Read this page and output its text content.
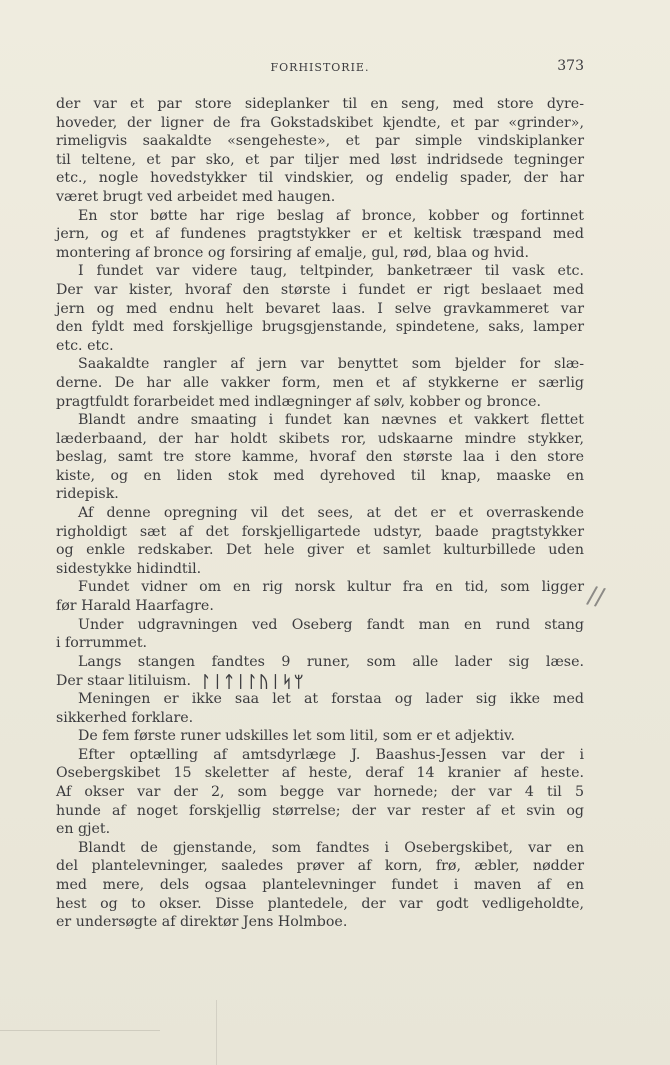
FORHISTORIE.	373
der var et par store sideplanker til en seng, med store dyre-
hoveder, der ligner de fra Gokstadskibet kjendte, et par «grinder»,
rimeligvis saakaldte «sengeheste», et par simple vindskiplanker
til teltene, et par sko, et par tiljer med løst indridsede tegninger
etc., nogle hovedstykker til vindskier, og endelig spader, der har
været brugt ved arbeidet med haugen.
En stor bøtte har rige beslag af bronce, kobber og fortinnet
jern, og et af fundenes pragtstykker er et keltisk træspand med
montering af bronce og forsiring af emalje, gul, rød, blaa og hvid.
I fundet var videre taug, teltpinder, banketræer til vask etc.
Der var kister, hvoraf den største i fundet er rigt beslaaet med
jern og med endnu helt bevaret laas. I selve gravkammeret var
den fyldt med forskjellige brugsgjenstande, spindetene, saks, lamper
etc. etc.
Saakaldte rangler af jern var benyttet som bjelder for slæ-
derne. De har alle vakker form, men et af stykkerne er særlig
pragtfuldt forarbeidet med indlægninger af sølv, kobber og bronce.
Blandt andre smaating i fundet kan nævnes et vakkert flettet
læderbaand, der har holdt skibets ror, udskaarne mindre stykker,
beslag, samt tre store kamme, hvoraf den største laa i den store
kiste, og en liden stok med dyrehoved til knap, maaske en
ridepisk.
Af denne opregning vil det sees, at det er et overraskende
righoldigt sæt af det forskjelligartede udstyr, baade pragtstykker
og enkle redskaber. Det hele giver et samlet kulturbillede uden
sidestykke hidindtil.
Fundet vidner om en rig norsk kultur fra en tid, som ligger
før Harald Haarfagre.
Under udgravningen ved Oseberg fandt man en rund stang
i forrummet.
Langs stangen fandtes 9 runer, som alle lader sig læse.
Der staar litiluism. ᛚᛁᛏᛁᛚᚢᛁᛋᛘ
Meningen er ikke saa let at forstaa og lader sig ikke med
sikkerhed forklare.
De fem første runer udskilles let som litil, som er et adjektiv.
Efter optælling af amtsdyrlæge J. Baashus-Jessen var der i
Osebergskibet 15 skeletter af heste, deraf 14 kranier af heste.
Af okser var der 2, som begge var hornede; der var 4 til 5
hunde af noget forskjellig størrelse; der var rester af et svin og
en gjet.
Blandt de gjenstande, som fandtes i Osebergskibet, var en
del plantelevninger, saaledes prøver af korn, frø, æbler, nødder
med mere, dels ogsaa plantelevninger fundet i maven af en
hest og to okser. Disse plantedele, der var godt vedligeholdte,
er undersøgte af direktør Jens Holmboe.
//
